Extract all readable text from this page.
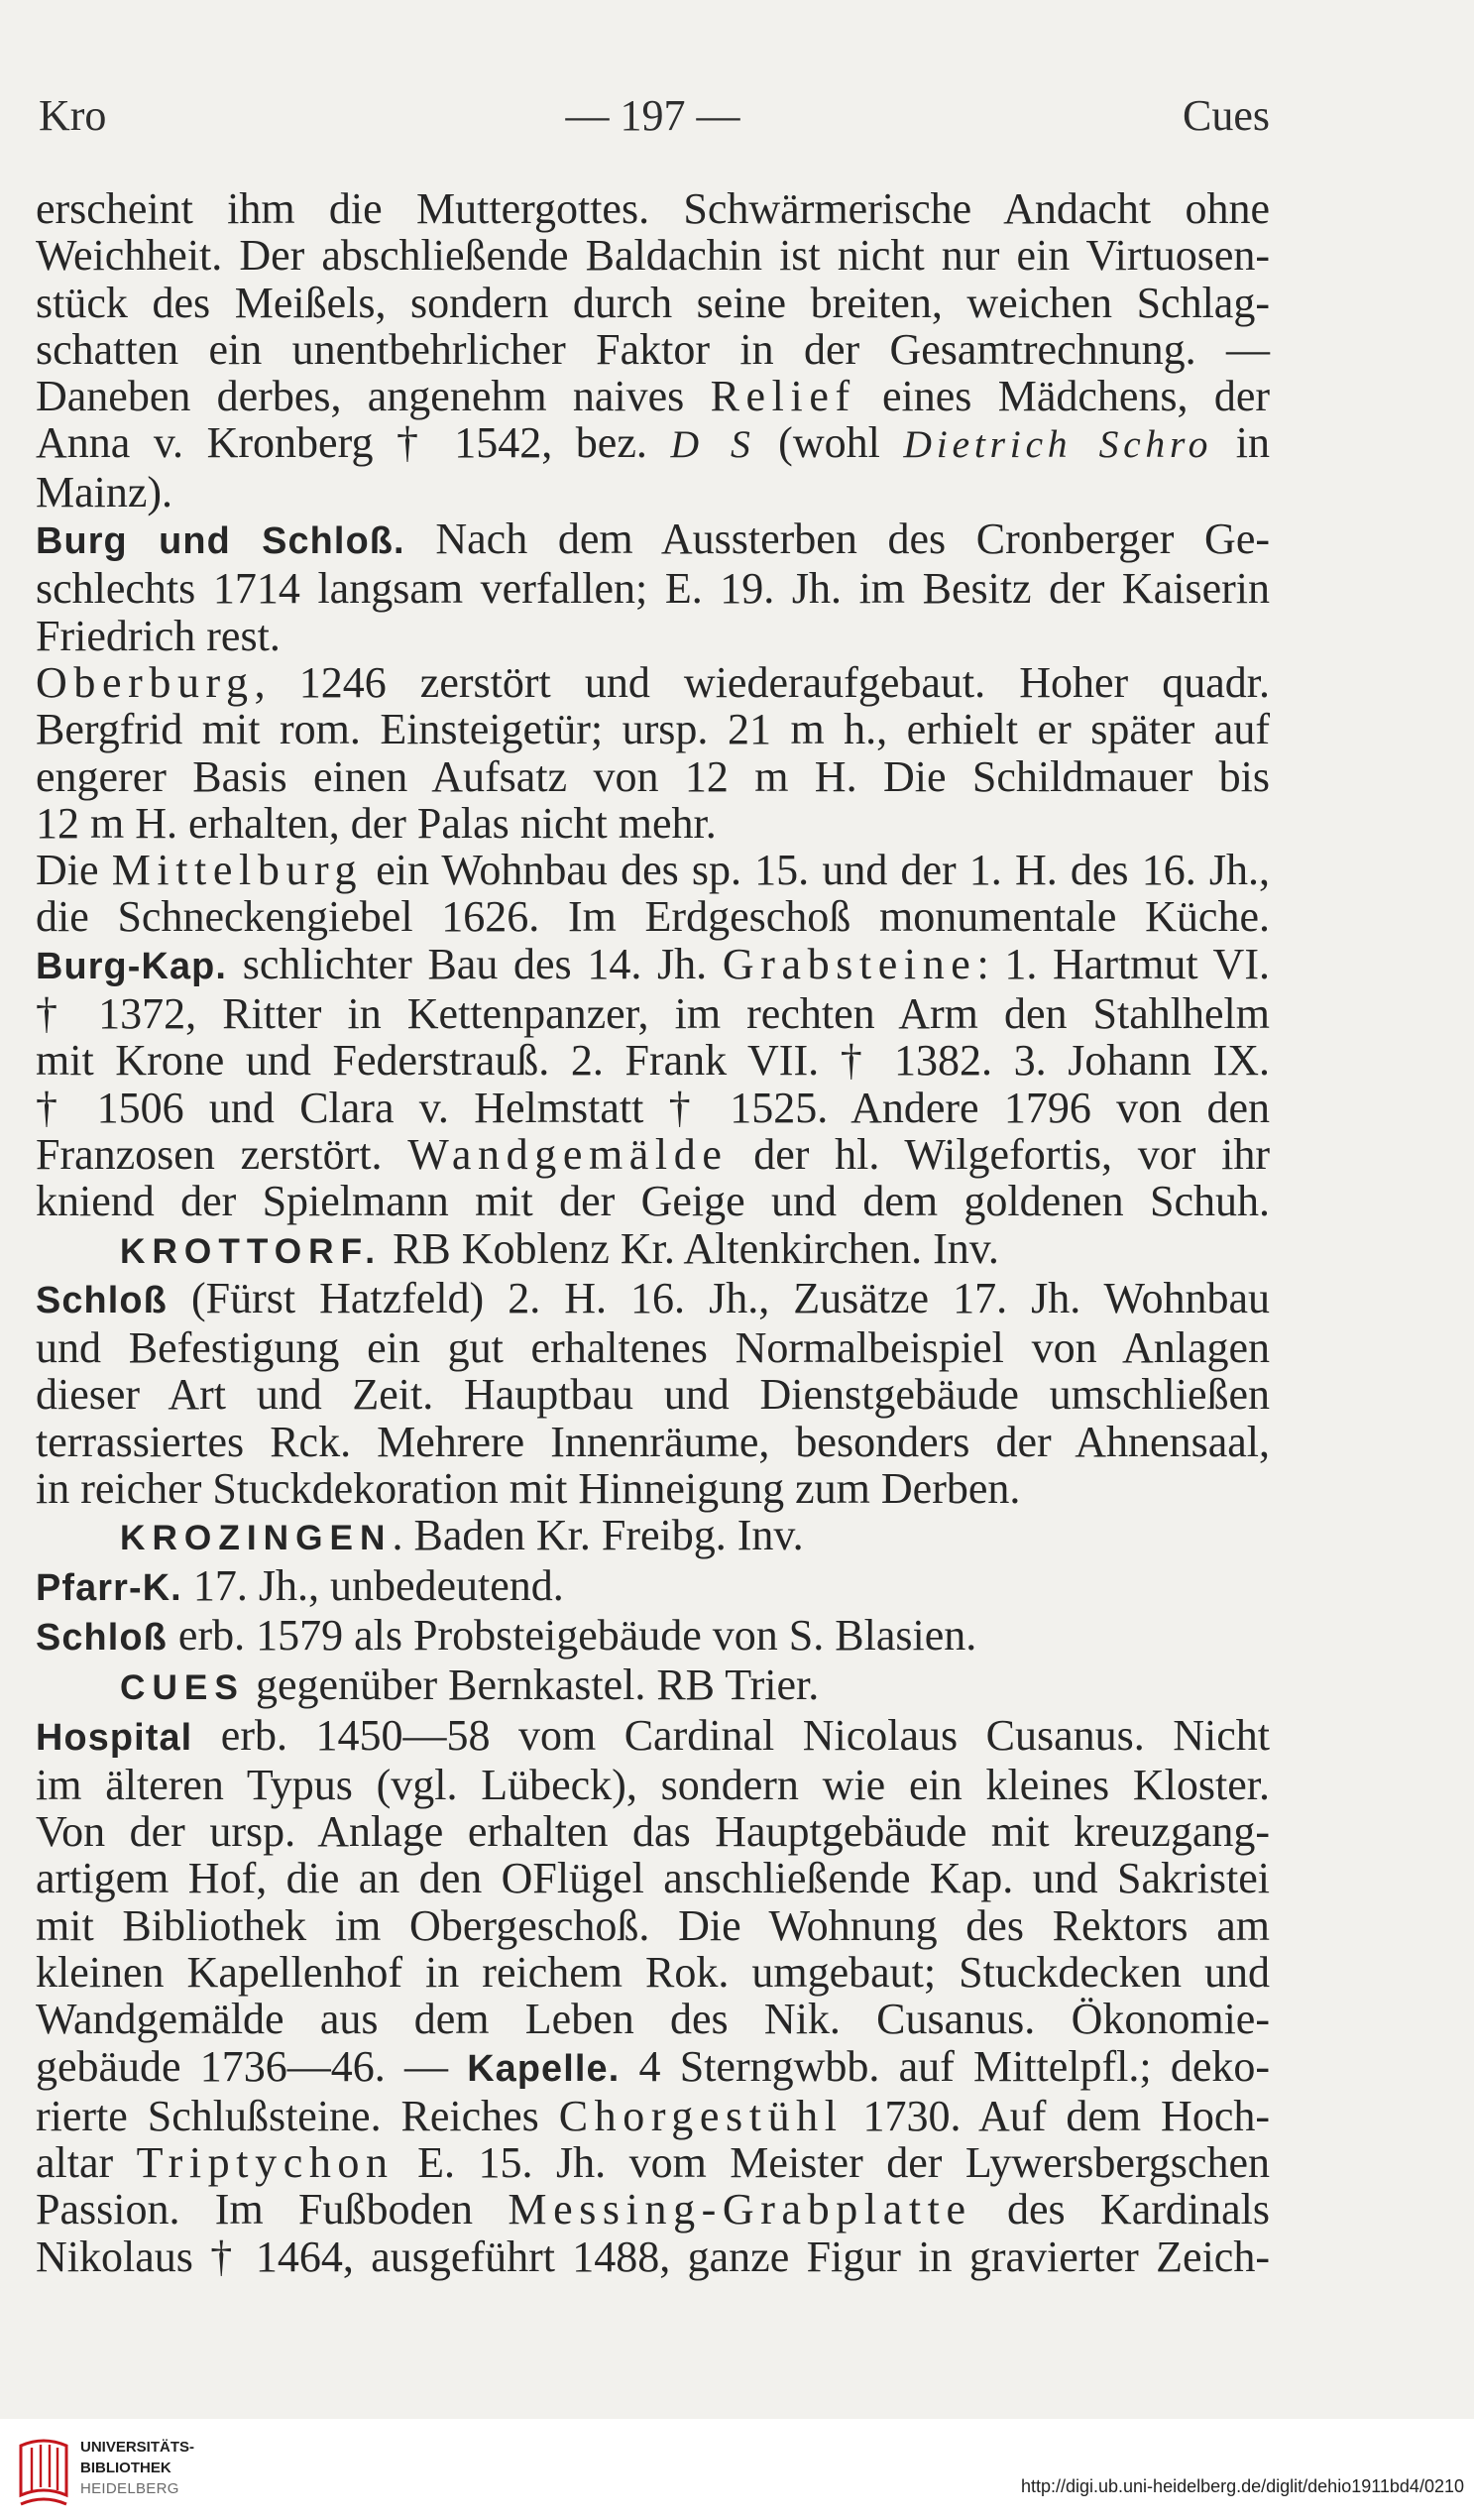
Kro	— 197 —	Cues
erscheint ihm die Muttergottes. Schwärmerische Andacht ohne
Weichheit. Der abschließende Baldachin ist nicht nur ein Virtuosen-
stück des Meißels, sondern durch seine breiten, weichen Schlag-
schatten ein unentbehrlicher Faktor in der Gesamtrechnung. —
Daneben derbes, angenehm naives Relief eines Mädchens, der
Anna v. Kronberg † 1542, bez. D S (wohl Dietrich Schro in
Mainz).
Burg und Schloß. Nach dem Aussterben des Cronberger Ge-
schlechts 1714 langsam verfallen; E. 19. Jh. im Besitz der Kaiserin
Friedrich rest.
Oberburg, 1246 zerstört und wiederaufgebaut. Hoher quadr.
Bergfrid mit rom. Einsteigetür; ursp. 21 m h., erhielt er später auf
engerer Basis einen Aufsatz von 12 m H. Die Schildmauer bis
12 m H. erhalten, der Palas nicht mehr.
Die Mittelburg ein Wohnbau des sp. 15. und der 1. H. des 16. Jh.,
die Schneckengiebel 1626. Im Erdgeschoß monumentale Küche.
Burg-Kap. schlichter Bau des 14. Jh. Grabsteine: 1. Hartmut VI.
† 1372, Ritter in Kettenpanzer, im rechten Arm den Stahlhelm
mit Krone und Federstrauß. 2. Frank VII. † 1382. 3. Johann IX.
† 1506 und Clara v. Helmstatt † 1525. Andere 1796 von den
Franzosen zerstört. Wandgemälde der hl. Wilgefortis, vor ihr
kniend der Spielmann mit der Geige und dem goldenen Schuh.
KROTTORF. RB Koblenz Kr. Altenkirchen. Inv.
Schloß (Fürst Hatzfeld) 2. H. 16. Jh., Zusätze 17. Jh. Wohnbau
und Befestigung ein gut erhaltenes Normalbeispiel von Anlagen
dieser Art und Zeit. Hauptbau und Dienstgebäude umschließen
terrassiertes Rck. Mehrere Innenräume, besonders der Ahnensaal,
in reicher Stuckdekoration mit Hinneigung zum Derben.
KROZINGEN. Baden Kr. Freibg. Inv.
Pfarr-K. 17. Jh., unbedeutend.
Schloß erb. 1579 als Probsteigebäude von S. Blasien.
CUES gegenüber Bernkastel. RB Trier.
Hospital erb. 1450—58 vom Cardinal Nicolaus Cusanus. Nicht
im älteren Typus (vgl. Lübeck), sondern wie ein kleines Kloster.
Von der ursp. Anlage erhalten das Hauptgebäude mit kreuzgang-
artigem Hof, die an den OFlügel anschließende Kap. und Sakristei
mit Bibliothek im Obergeschoß. Die Wohnung des Rektors am
kleinen Kapellenhof in reichem Rok. umgebaut; Stuckdecken und
Wandgemälde aus dem Leben des Nik. Cusanus. Ökonomie-
gebäude 1736—46. — Kapelle. 4 Sterngwbb. auf Mittelpfl.; deko-
rierte Schlußsteine. Reiches Chorgestühl 1730. Auf dem Hoch-
altar Triptychon E. 15. Jh. vom Meister der Lywersbergschen
Passion. Im Fußboden Messing-Grabplatte des Kardinals
Nikolaus † 1464, ausgeführt 1488, ganze Figur in gravierter Zeich-
UNIVERSITÄTS-
BIBLIOTHEK
HEIDELBERG	http://digi.ub.uni-heidelberg.de/diglit/dehio1911bd4/0210
